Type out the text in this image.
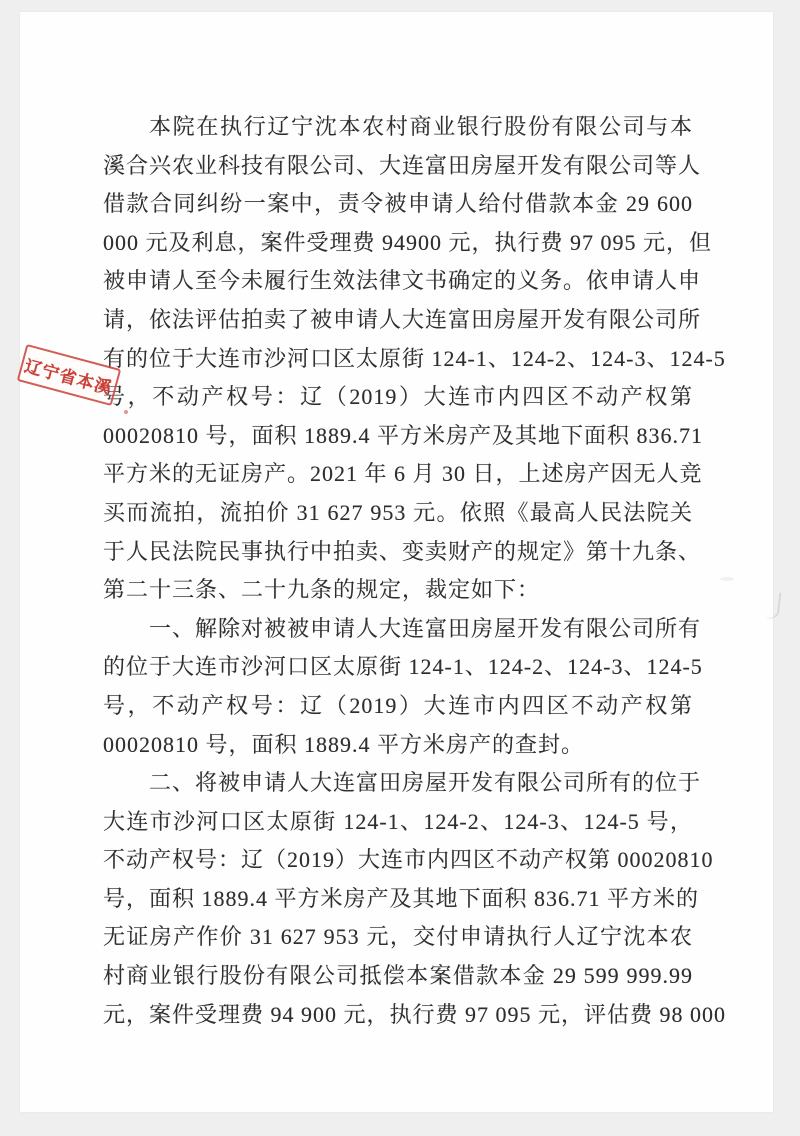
本院在执行辽宁沈本农村商业银行股份有限公司与本
溪合兴农业科技有限公司、大连富田房屋开发有限公司等人
借款合同纠纷一案中，责令被申请人给付借款本金 29 600
000 元及利息，案件受理费 94900 元，执行费 97 095 元，但
被申请人至今未履行生效法律文书确定的义务。依申请人申
请，依法评估拍卖了被申请人大连富田房屋开发有限公司所
有的位于大连市沙河口区太原街 124-1、124-2、124-3、124-5
号，不动产权号：辽（2019）大连市内四区不动产权第
00020810 号，面积 1889.4 平方米房产及其地下面积 836.71
平方米的无证房产。2021 年 6 月 30 日，上述房产因无人竞
买而流拍，流拍价 31 627 953 元。依照《最高人民法院关
于人民法院民事执行中拍卖、变卖财产的规定》第十九条、
第二十三条、二十九条的规定，裁定如下：
一、解除对被被申请人大连富田房屋开发有限公司所有
的位于大连市沙河口区太原街 124-1、124-2、124-3、124-5
号，不动产权号：辽（2019）大连市内四区不动产权第
00020810 号，面积 1889.4 平方米房产的查封。
二、将被申请人大连富田房屋开发有限公司所有的位于
大连市沙河口区太原街 124-1、124-2、124-3、124-5 号，
不动产权号：辽（2019）大连市内四区不动产权第 00020810
号，面积 1889.4 平方米房产及其地下面积 836.71 平方米的
无证房产作价 31 627 953 元，交付申请执行人辽宁沈本农
村商业银行股份有限公司抵偿本案借款本金 29 599 999.99
元，案件受理费 94 900 元，执行费 97 095 元，评估费 98 000
辽宁省本溪
